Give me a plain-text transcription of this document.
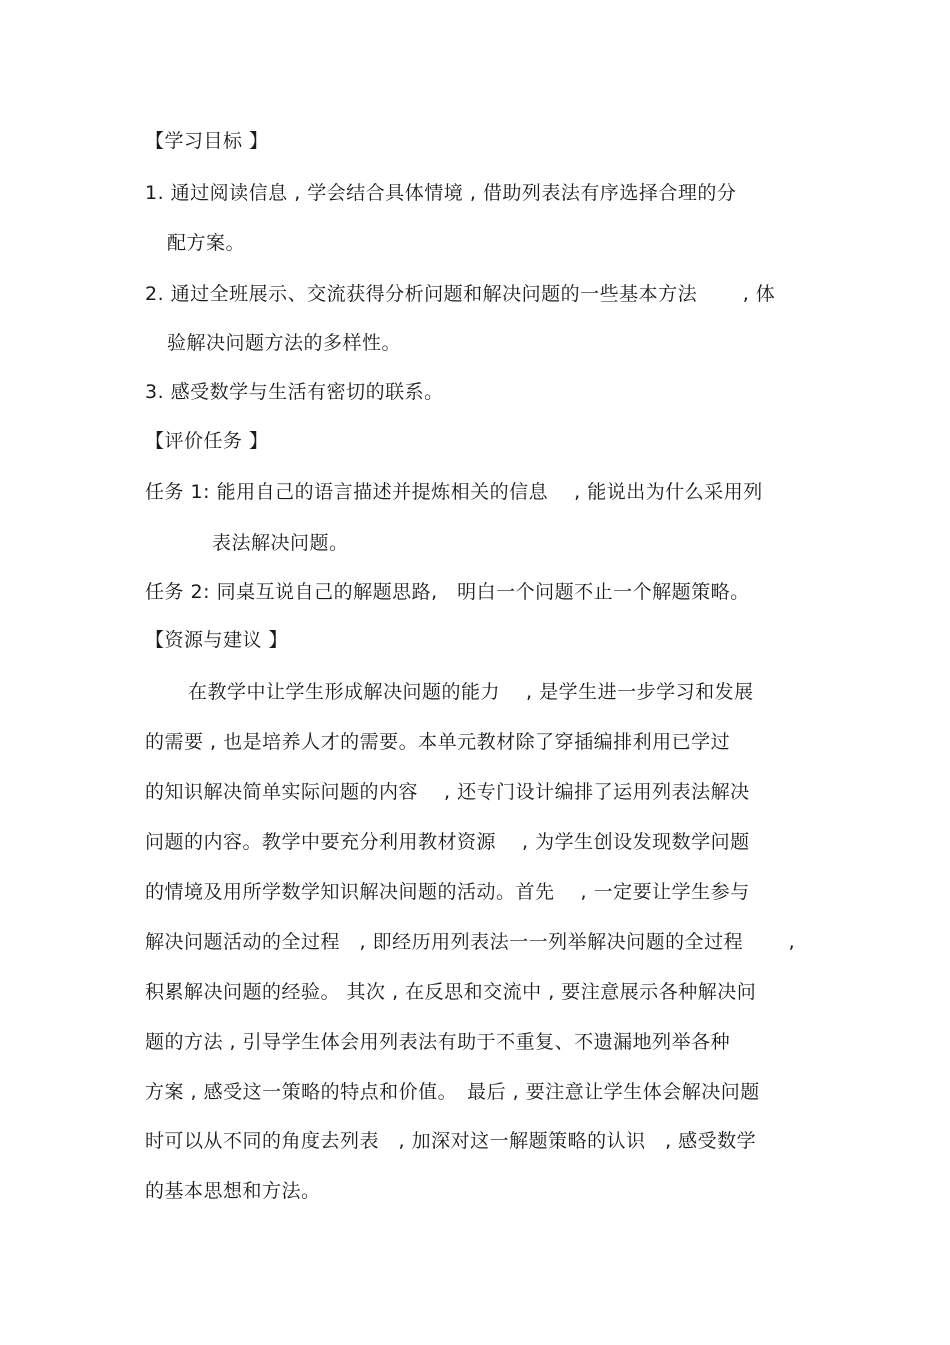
【学习目标 】
1. 通过阅读信息 , 学会结合具体情境 , 借助列表法有序选择合理的分
配方案。
2. 通过全班展示、交流获得分析问题和解决问题的一些基本方法　　 , 体
验解决问题方法的多样性。
3. 感受数学与生活有密切的联系。
【评价任务 】
任务 1: 能用自己的语言描述并提炼相关的信息　 , 能说出为什么采用列
表法解决问题。
任务 2: 同桌互说自己的解题思路,　明白一个问题不止一个解题策略。
【资源与建议 】
在教学中让学生形成解决问题的能力　 , 是学生进一步学习和发展
的需要 , 也是培养人才的需要。本单元教材除了穿插编排利用已学过
的知识解决简单实际问题的内容　 , 还专门设计编排了运用列表法解决
问题的内容。教学中要充分利用教材资源　 , 为学生创设发现数学问题
的情境及用所学数学知识解决间题的活动。首先　 , 一定要让学生参与
解决问题活动的全过程　, 即经历用列表法一一列举解决问题的全过程　　 ,
积累解决问题的经验。 其次 , 在反思和交流中 , 要注意展示各种解决问
题的方法 , 引导学生体会用列表法有助于不重复、不遗漏地列举各种
方案 , 感受这一策略的特点和价值。　最后 , 要注意让学生体会解决问题
时可以从不同的角度去列表　, 加深对这一解题策略的认识　, 感受数学
的基本思想和方法。
